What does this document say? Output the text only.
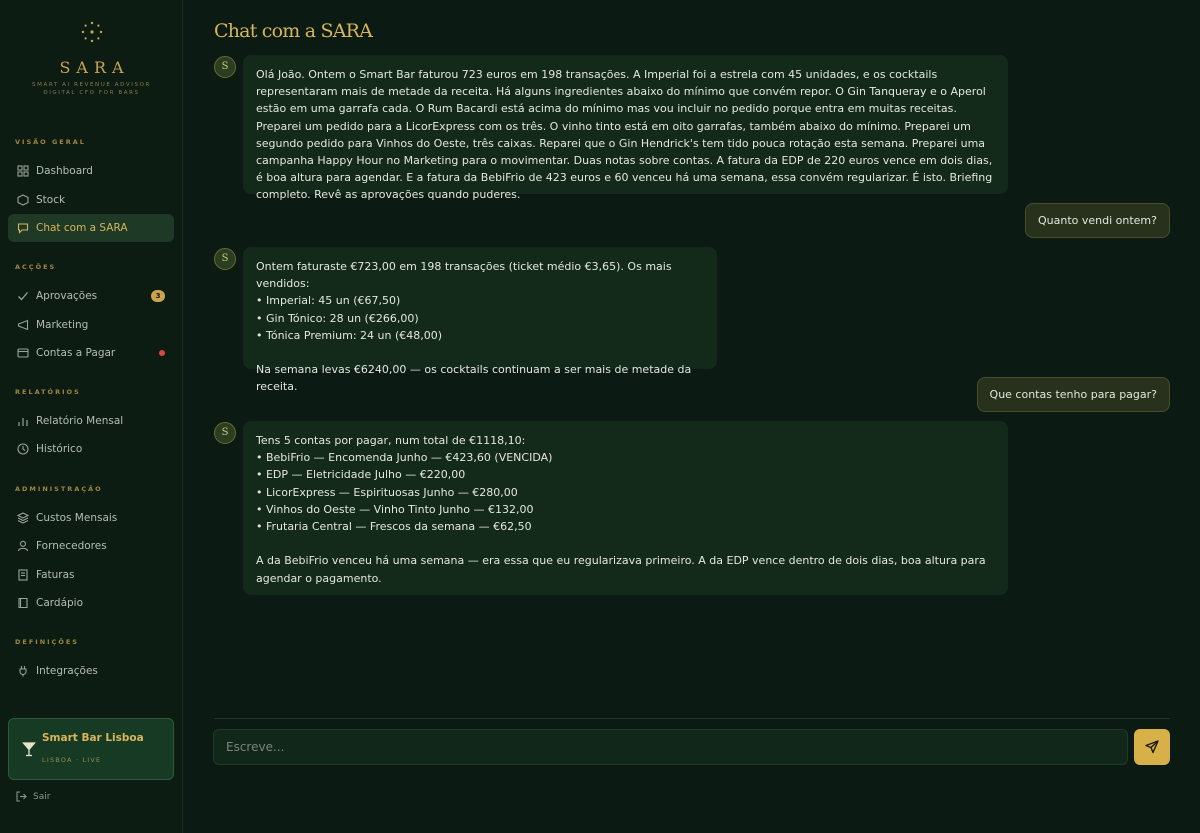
SARA
SMART AI REVENUE ADVISOR
DIGITAL CFO FOR BARS
VISÃO GERAL
Dashboard
Stock
Chat com a SARA
ACÇÕES
Aprovações	3
Marketing
Contas a Pagar
RELATÓRIOS
Relatório Mensal
Histórico
ADMINISTRAÇÃO
Custos Mensais
Fornecedores
Faturas
Cardápio
DEFINIÇÕES
Integrações
Smart Bar Lisboa
LISBOA · LIVE
Sair
Chat com a SARA
S
Olá João. Ontem o Smart Bar faturou 723 euros em 198 transações. A Imperial foi a estrela com 45 unidades, e os cocktails representaram mais de metade da receita. Há alguns ingredientes abaixo do mínimo que convém repor. O Gin Tanqueray e o Aperol estão em uma garrafa cada. O Rum Bacardi está acima do mínimo mas vou incluir no pedido porque entra em muitas receitas. Preparei um pedido para a LicorExpress com os três. O vinho tinto está em oito garrafas, também abaixo do mínimo. Preparei um segundo pedido para Vinhos do Oeste, três caixas. Reparei que o Gin Hendrick's tem tido pouca rotação esta semana. Preparei uma campanha Happy Hour no Marketing para o movimentar. Duas notas sobre contas. A fatura da EDP de 220 euros vence em dois dias, é boa altura para agendar. E a fatura da BebiFrio de 423 euros e 60 venceu há uma semana, essa convém regularizar. É isto. Briefing completo. Revê as aprovações quando puderes.
Quanto vendi ontem?
S
Ontem faturaste €723,00 em 198 transações (ticket médio €3,65). Os mais vendidos:
• Imperial: 45 un (€67,50)
• Gin Tónico: 28 un (€266,00)
• Tónica Premium: 24 un (€48,00)

Na semana levas €6240,00 — os cocktails continuam a ser mais de metade da receita.
Que contas tenho para pagar?
S
Tens 5 contas por pagar, num total de €1118,10:
• BebiFrio — Encomenda Junho — €423,60 (VENCIDA)
• EDP — Eletricidade Julho — €220,00
• LicorExpress — Espirituosas Junho — €280,00
• Vinhos do Oeste — Vinho Tinto Junho — €132,00
• Frutaria Central — Frescos da semana — €62,50

A da BebiFrio venceu há uma semana — era essa que eu regularizava primeiro. A da EDP vence dentro de dois dias, boa altura para agendar o pagamento.
Escreve...
